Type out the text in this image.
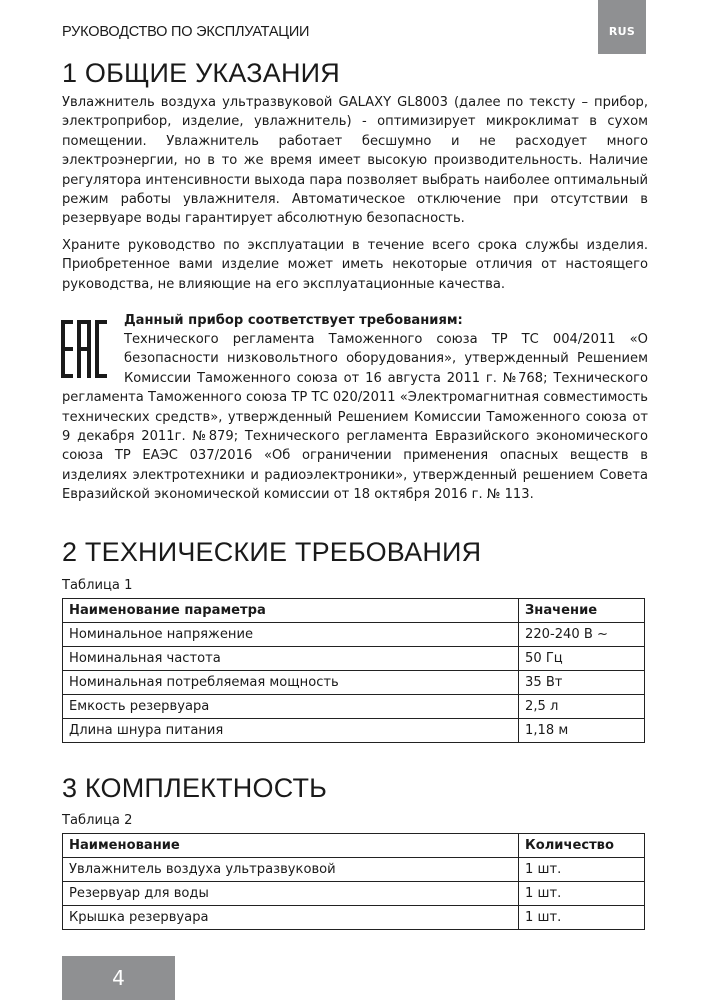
РУКОВОДСТВО ПО ЭКСПЛУАТАЦИИ	RUS
1 ОБЩИЕ УКАЗАНИЯ

Увлажнитель воздуха ультразвуковой GALAXY GL8003 (далее по тексту – прибор, электроприбор, изделие, увлажнитель) - оптимизирует микроклимат в сухом помещении. Увлажнитель работает бесшумно и не расходует много электроэнергии, но в то же время имеет высокую производительность. Наличие регулятора интенсивности выхода пара позволяет выбрать наиболее оптимальный режим работы увлажнителя. Автоматическое отключение при отсутствии в резервуаре воды гарантирует абсолютную безопасность.

Храните руководство по эксплуатации в течение всего срока службы изделия. Приобретенное вами изделие может иметь некоторые отличия от настоящего руководства, не влияющие на его эксплуатационные качества.

Данный прибор соответствует требованиям:

Технического регламента Таможенного союза ТР ТС 004/2011 «О безопасности низковольтного оборудования», утвержденный Решением Комиссии Таможенного союза от 16 августа 2011 г. №768; Технического регламента Таможенного союза ТР ТС 020/2011 «Электромагнитная совместимость технических средств», утвержденный Решением Комиссии Таможенного союза от 9 декабря 2011г. №879; Технического регламента Евразийского экономического союза ТР ЕАЭС 037/2016 «Об ограничении применения опасных веществ в изделиях электротехники и радиоэлектроники», утвержденный решением Совета Евразийской экономической комиссии от 18 октября 2016 г. № 113.

2 ТЕХНИЧЕСКИЕ ТРЕБОВАНИЯ
Таблица 1
Наименование параметра	Значение
Номинальное напряжение	220-240 В ~
Номинальная частота	50 Гц
Номинальная потребляемая мощность	35 Вт
Емкость резервуара	2,5 л
Длина шнура питания	1,18 м
3 КОМПЛЕКТНОСТЬ
Таблица 2
Наименование	Количество
Увлажнитель воздуха ультразвуковой	1 шт.
Резервуар для воды	1 шт.
Крышка резервуара	1 шт.
4
